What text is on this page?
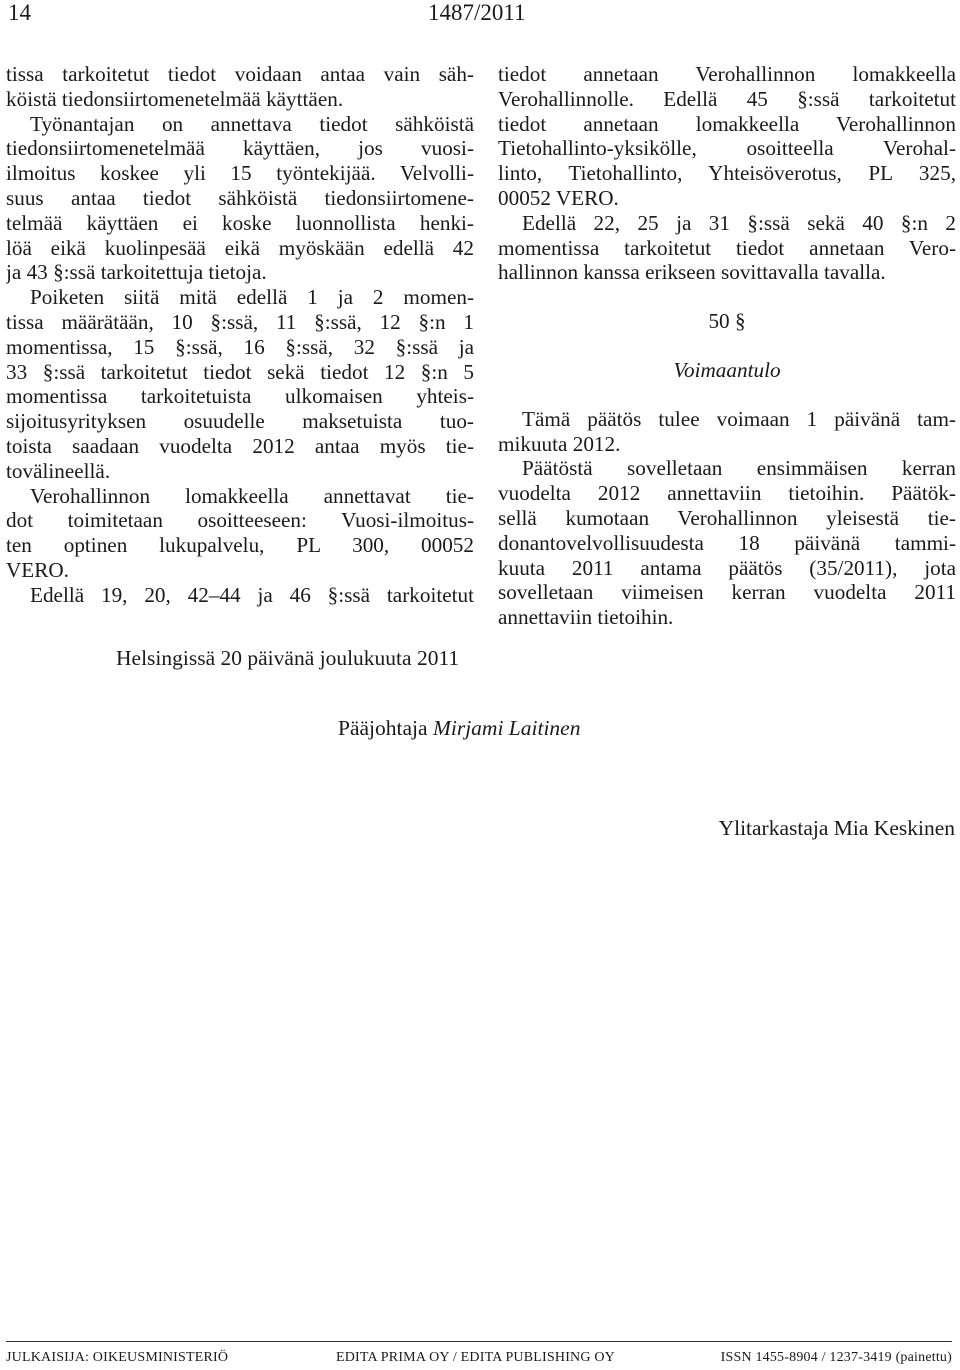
14	1487/2011
tissa tarkoitetut tiedot voidaan antaa vain säh-
köistä tiedonsiirtomenetelmää käyttäen.
Työnantajan on annettava tiedot sähköistä
tiedonsiirtomenetelmää käyttäen, jos vuosi-
ilmoitus koskee yli 15 työntekijää. Velvolli-
suus antaa tiedot sähköistä tiedonsiirtomene-
telmää käyttäen ei koske luonnollista henki-
löä eikä kuolinpesää eikä myöskään edellä 42
ja 43 §:ssä tarkoitettuja tietoja.
Poiketen siitä mitä edellä 1 ja 2 momen-
tissa määrätään, 10 §:ssä, 11 §:ssä, 12 §:n 1
momentissa, 15 §:ssä, 16 §:ssä, 32 §:ssä ja
33 §:ssä tarkoitetut tiedot sekä tiedot 12 §:n 5
momentissa tarkoitetuista ulkomaisen yhteis-
sijoitusyrityksen osuudelle maksetuista tuo-
toista saadaan vuodelta 2012 antaa myös tie-
tovälineellä.
Verohallinnon lomakkeella annettavat tie-
dot toimitetaan osoitteeseen: Vuosi-ilmoitus-
ten optinen lukupalvelu, PL 300, 00052
VERO.
Edellä 19, 20, 42–44 ja 46 §:ssä tarkoitetut
tiedot annetaan Verohallinnon lomakkeella
Verohallinnolle. Edellä 45 §:ssä tarkoitetut
tiedot annetaan lomakkeella Verohallinnon
Tietohallinto-yksikölle, osoitteella Verohal-
linto, Tietohallinto, Yhteisöverotus, PL 325,
00052 VERO.
Edellä 22, 25 ja 31 §:ssä sekä 40 §:n 2
momentissa tarkoitetut tiedot annetaan Vero-
hallinnon kanssa erikseen sovittavalla tavalla.
50 §
Voimaantulo
Tämä päätös tulee voimaan 1 päivänä tam-
mikuuta 2012.
Päätöstä sovelletaan ensimmäisen kerran
vuodelta 2012 annettaviin tietoihin. Päätök-
sellä kumotaan Verohallinnon yleisestä tie-
donantovelvollisuudesta 18 päivänä tammi-
kuuta 2011 antama päätös (35/2011), jota
sovelletaan viimeisen kerran vuodelta 2011
annettaviin tietoihin.
Helsingissä 20 päivänä joulukuuta 2011
Pääjohtaja Mirjami Laitinen
Ylitarkastaja Mia Keskinen
JULKAISIJA: OIKEUSMINISTERIÖ	EDITA PRIMA OY / EDITA PUBLISHING OY	ISSN 1455-8904 / 1237-3419 (painettu)
